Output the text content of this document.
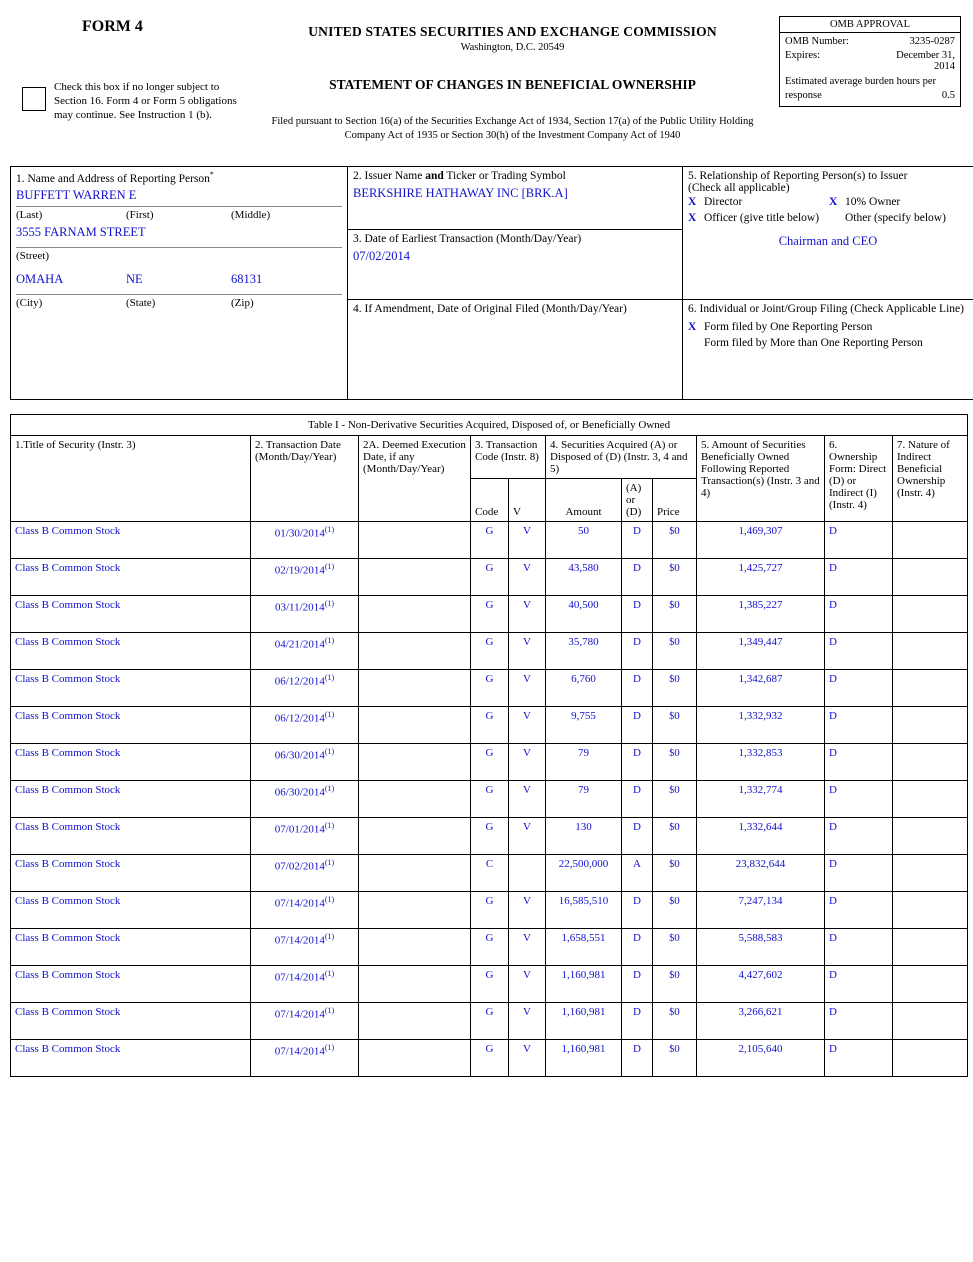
FORM 4
Check this box if no longer subject to Section 16. Form 4 or Form 5 obligations may continue. See Instruction 1 (b).
UNITED STATES SECURITIES AND EXCHANGE COMMISSION
Washington, D.C. 20549
STATEMENT OF CHANGES IN BENEFICIAL OWNERSHIP
Filed pursuant to Section 16(a) of the Securities Exchange Act of 1934, Section 17(a) of the Public Utility Holding Company Act of 1935 or Section 30(h) of the Investment Company Act of 1940
OMB APPROVAL
OMB Number:	3235-0287
Expires:	December 31, 2014
Estimated average burden hours per response	0.5
1. Name and Address of Reporting Person*
BUFFETT WARREN E
(Last)	(First)	(Middle)
3555 FARNAM STREET
(Street)
OMAHA	NE	68131
(City)	(State)	(Zip)

2. Issuer Name and Ticker or Trading Symbol
BERKSHIRE HATHAWAY INC [BRK.A]

5. Relationship of Reporting Person(s) to Issuer
(Check all applicable)
X	Director	X	10% Owner
X	Officer (give title below)		Other (specify below)
Chairman and CEO

3. Date of Earliest Transaction (Month/Day/Year)
07/02/2014

4. If Amendment, Date of Original Filed (Month/Day/Year)	6. Individual or Joint/Group Filing (Check Applicable Line)
X	Form filed by One Reporting Person
	Form filed by More than One Reporting Person
Table I - Non-Derivative Securities Acquired, Disposed of, or Beneficially Owned										
1.Title of Security (Instr. 3)	2. Transaction Date (Month/Day/Year)	2A. Deemed Execution Date, if any (Month/Day/Year)	3. Transaction Code (Instr. 8)		4. Securities Acquired (A) or Disposed of (D) (Instr. 3, 4 and 5)			5. Amount of Securities Beneficially Owned Following Reported Transaction(s) (Instr. 3 and 4)	6. Ownership Form: Direct (D) or Indirect (I) (Instr. 4)	7. Nature of Indirect Beneficial Ownership (Instr. 4)
			Code	V	Amount	(A) or (D)	Price			
Class B Common Stock	01/30/2014$^{(1)}$		G	V	50	D	$0	1,469,307	D	
Class B Common Stock	02/19/2014$^{(1)}$		G	V	43,580	D	$0	1,425,727	D	
Class B Common Stock	03/11/2014$^{(1)}$		G	V	40,500	D	$0	1,385,227	D	
Class B Common Stock	04/21/2014$^{(1)}$		G	V	35,780	D	$0	1,349,447	D	
Class B Common Stock	06/12/2014$^{(1)}$		G	V	6,760	D	$0	1,342,687	D	
Class B Common Stock	06/12/2014$^{(1)}$		G	V	9,755	D	$0	1,332,932	D	
Class B Common Stock	06/30/2014$^{(1)}$		G	V	79	D	$0	1,332,853	D	
Class B Common Stock	06/30/2014$^{(1)}$		G	V	79	D	$0	1,332,774	D	
Class B Common Stock	07/01/2014$^{(1)}$		G	V	130	D	$0	1,332,644	D	
Class B Common Stock	07/02/2014$^{(1)}$		C		22,500,000	A	$0	23,832,644	D	
Class B Common Stock	07/14/2014$^{(1)}$		G	V	16,585,510	D	$0	7,247,134	D	
Class B Common Stock	07/14/2014$^{(1)}$		G	V	1,658,551	D	$0	5,588,583	D	
Class B Common Stock	07/14/2014$^{(1)}$		G	V	1,160,981	D	$0	4,427,602	D	
Class B Common Stock	07/14/2014$^{(1)}$		G	V	1,160,981	D	$0	3,266,621	D	
Class B Common Stock	07/14/2014$^{(1)}$		G	V	1,160,981	D	$0	2,105,640	D	
